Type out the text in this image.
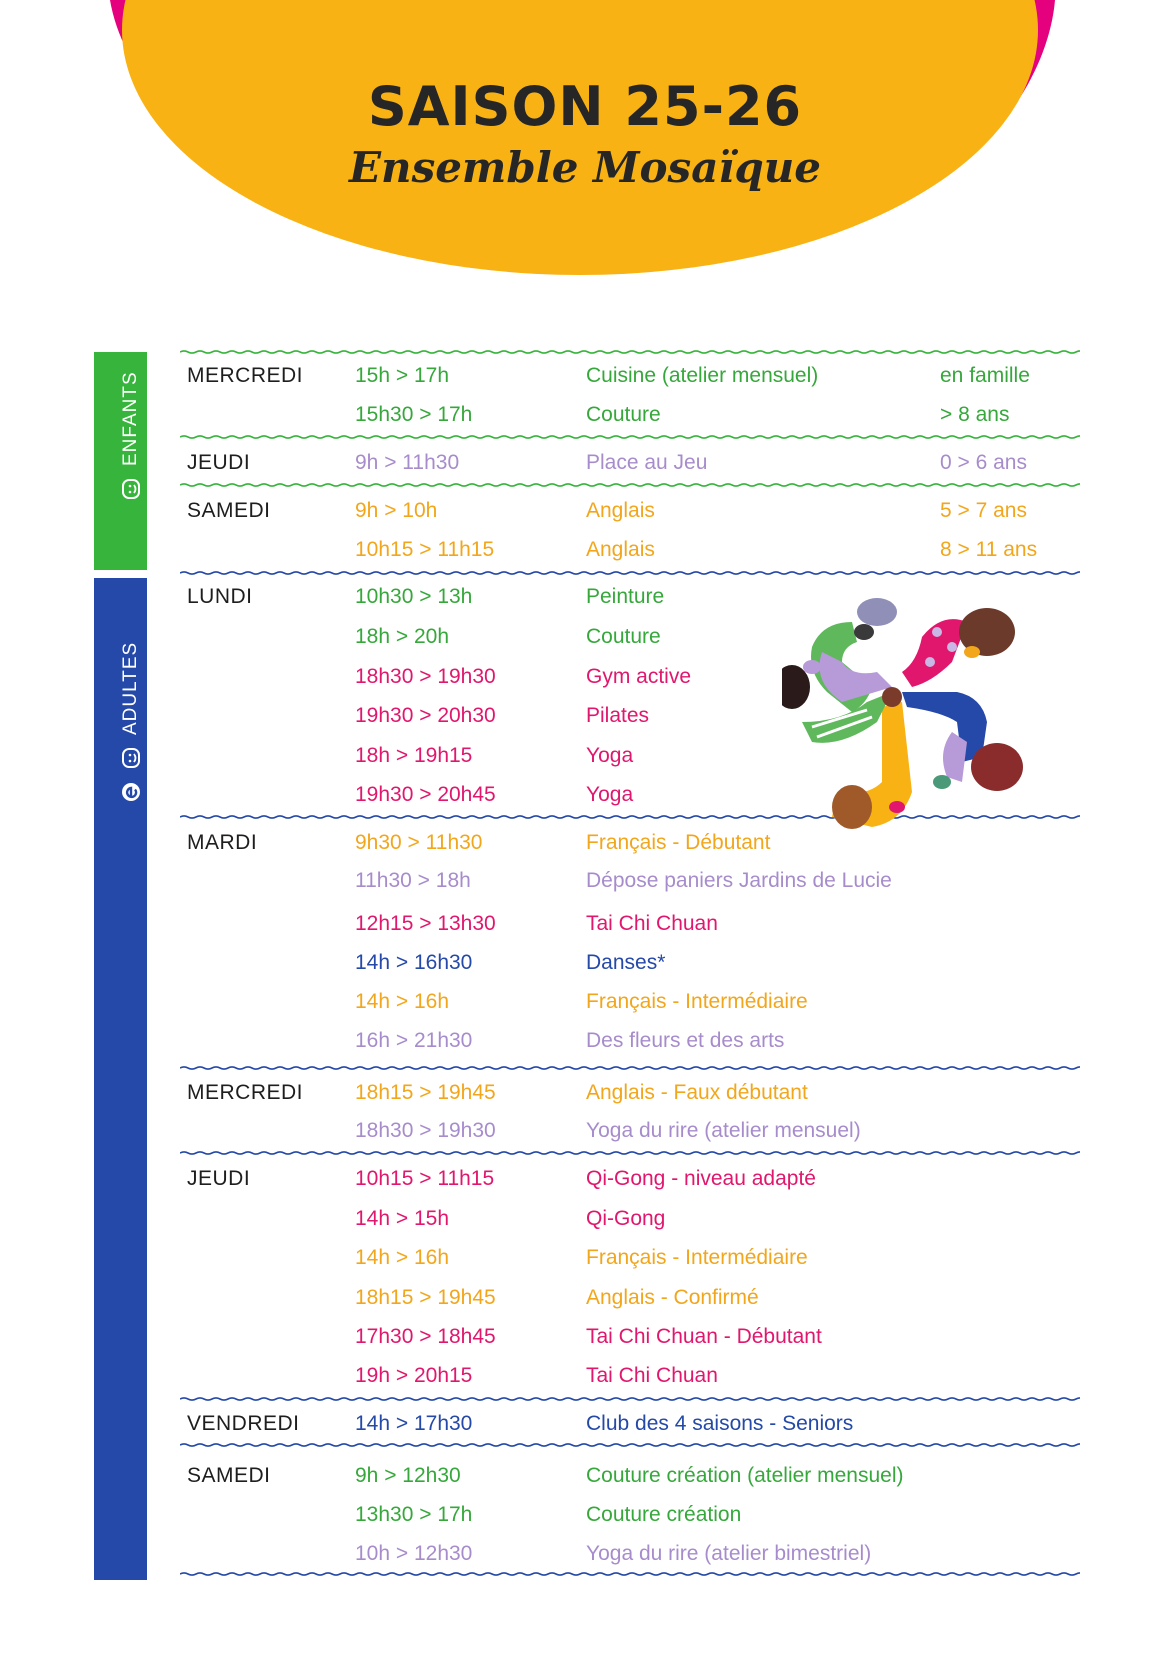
SAISON 25-26
Ensemble Mosaïque
ENFANTS
ADULTES
MERCREDI 15h > 17h	Cuisine (atelier mensuel)	en famille
15h30 > 17h	Couture	> 8 ans
JEUDI	9h > 11h30	Place au Jeu	0 > 6 ans
SAMEDI	9h > 10h	Anglais	5 > 7 ans
10h15 > 11h15	Anglais	8 > 11 ans
LUNDI	10h30 > 13h	Peinture
18h > 20h	Couture
18h30 > 19h30	Gym active
19h30 > 20h30	Pilates
18h > 19h15	Yoga
19h30 > 20h45	Yoga
MARDI	9h30 > 11h30	Français - Débutant
11h30 > 18h	Dépose paniers Jardins de Lucie
12h15 > 13h30	Tai Chi Chuan
14h > 16h30	Danses*
14h > 16h	Français - Intermédiaire
16h > 21h30	Des fleurs et des arts
MERCREDI 18h15 > 19h45	Anglais - Faux débutant
18h30 > 19h30	Yoga du rire (atelier mensuel)
JEUDI	10h15 > 11h15	Qi-Gong - niveau adapté
14h > 15h	Qi-Gong
14h > 16h	Français - Intermédiaire
18h15 > 19h45	Anglais - Confirmé
17h30 > 18h45	Tai Chi Chuan - Débutant
19h > 20h15	Tai Chi Chuan
VENDREDI	14h > 17h30	Club des 4 saisons - Seniors
SAMEDI	9h > 12h30	Couture création (atelier mensuel)
13h30 > 17h	Couture création
10h > 12h30	Yoga du rire (atelier bimestriel)
